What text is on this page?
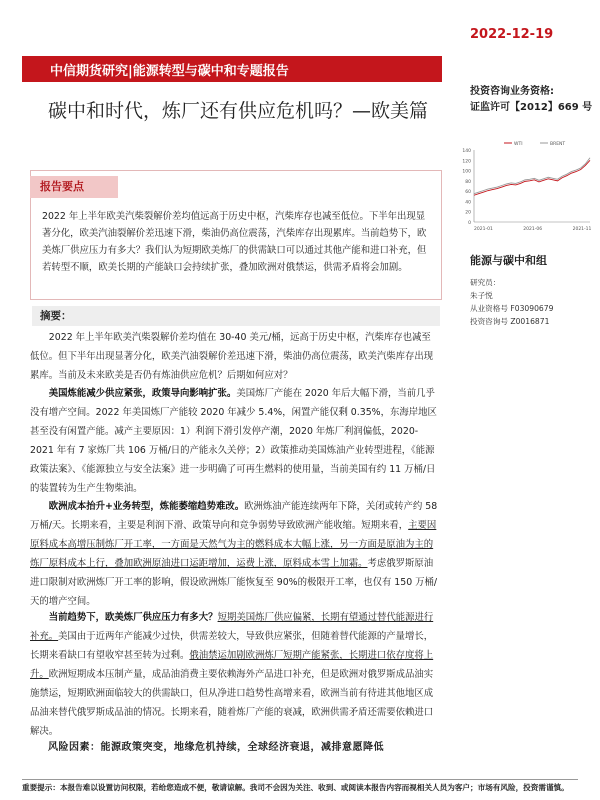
中信期货研究|能源转型与碳中和专题报告
2022-12-19
投资咨询业务资格:
证监许可【2012】669 号
碳中和时代，炼厂还有供应危机吗？—欧美篇
报告要点
2022 年上半年欧美汽柴裂解价差均值远高于历史中枢，汽柴库存也减至低位。下半年出现显著分化，欧美汽油裂解价差迅速下滑，柴油仍高位震荡，汽柴库存出现累库。当前趋势下，欧美炼厂供应压力有多大？我们认为短期欧美炼厂的供需缺口可以通过其他产能和进口补充，但若转型不顺，欧美长期的产能缺口会持续扩张，叠加欧洲对俄禁运，供需矛盾将会加剧。
摘要：
2022 年上半年欧美汽柴裂解价差均值在 30-40 美元/桶，远高于历史中枢，汽柴库存也减至低位。但下半年出现显著分化，欧美汽油裂解价差迅速下滑，柴油仍高位震荡，欧美汽柴库存出现累库。当前及未来欧美是否仍有炼油供应危机？后期如何应对？
美国炼能减少供应紧张，政策导向影响扩张。美国炼厂产能在 2020 年后大幅下滑，当前几乎没有增产空间。2022 年美国炼厂产能较 2020 年减少 5.4%，闲置产能仅剩 0.35%，东海岸地区甚至没有闲置产能。减产主要原因：1）利润下滑引发停产潮，2020 年炼厂利润偏低，2020-2021 年有 7 家炼厂共 106 万桶/日的产能永久关停；2）政策推动美国炼油产业转型进程，《能源政策法案》、《能源独立与安全法案》进一步明确了可再生燃料的使用量，当前美国有约 11 万桶/日的装置转为生产生物柴油。
欧洲成本抬升+业务转型，炼能萎缩趋势难改。欧洲炼油产能连续两年下降，关闭或转产约 58 万桶/天。长期来看，主要是利润下滑、政策导向和竞争弱势导致欧洲产能收缩。短期来看，主要因原料成本高增压制炼厂开工率，一方面是天然气为主的燃料成本大幅上涨，另一方面是原油为主的炼厂原料成本上行，叠加欧洲原油进口运距增加，运费上涨，原料成本雪上加霜。考虑俄罗斯原油进口限制对欧洲炼厂开工率的影响，假设欧洲炼厂能恢复至 90%的极限开工率，也仅有 150 万桶/天的增产空间。
当前趋势下，欧美炼厂供应压力有多大？短期美国炼厂供应偏紧，长期有望通过替代能源进行补充。美国由于近两年产能减少过快，供需差较大，导致供应紧张，但随着替代能源的产量增长，长期来看缺口有望收窄甚至转为过剩。俄油禁运加剧欧洲炼厂短期产能紧张，长期进口依存度将上升。欧洲短期成本压制产量，成品油消费主要依赖海外产品进口补充，但是欧洲对俄罗斯成品油实施禁运，短期欧洲面临较大的供需缺口，但从净进口趋势性高增来看，欧洲当前有待进其他地区成品油来替代俄罗斯成品油的情况。长期来看，随着炼厂产能的衰减，欧洲供需矛盾还需要依赖进口解决。
风险因素：能源政策突变，地缘危机持续，全球经济衰退，减排意愿降低
140
120
100
80
60
40
20
0
2021-01	2021-06	2021-11
WTI	BRENT
能源与碳中和组
研究员：
朱子悦
从业资格号 F03090679
投资咨询号 Z0016871
重要提示：本报告难以设置访问权限，若给您造成不便，敬请谅解。我司不会因为关注、收到、或阅读本报告内容而视相关人员为客户；市场有风险，投资需谨慎。
